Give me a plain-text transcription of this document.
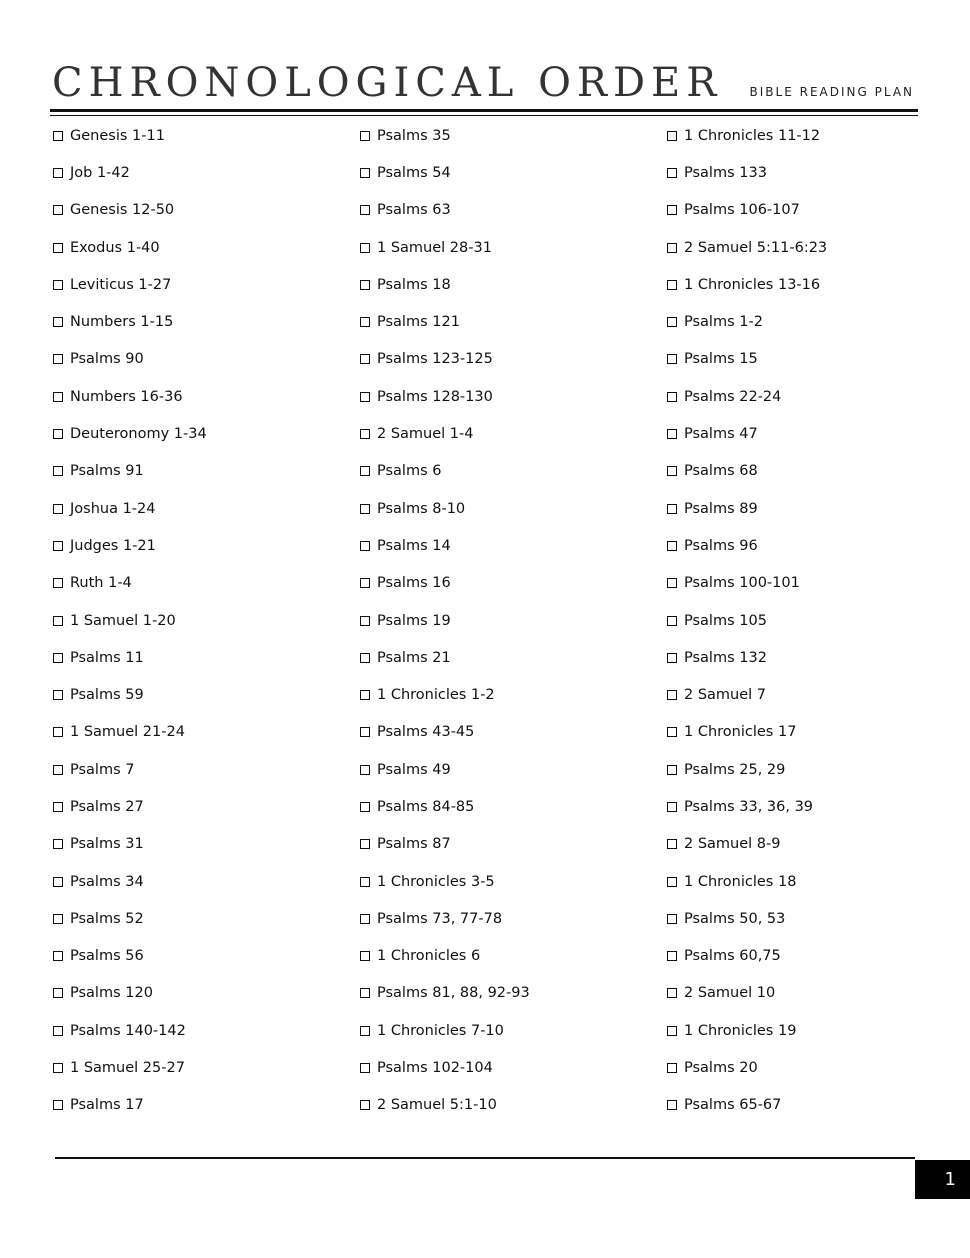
CHRONOLOGICAL ORDER BIBLE READING PLAN
Genesis 1-11
Job 1-42
Genesis 12-50
Exodus 1-40
Leviticus 1-27
Numbers 1-15
Psalms 90
Numbers 16-36
Deuteronomy 1-34
Psalms 91
Joshua 1-24
Judges 1-21
Ruth 1-4
1 Samuel 1-20
Psalms 11
Psalms 59
1 Samuel 21-24
Psalms 7
Psalms 27
Psalms 31
Psalms 34
Psalms 52
Psalms 56
Psalms 120
Psalms 140-142
1 Samuel 25-27
Psalms 17
Psalms 35
Psalms 54
Psalms 63
1 Samuel 28-31
Psalms 18
Psalms 121
Psalms 123-125
Psalms 128-130
2 Samuel 1-4
Psalms 6
Psalms 8-10
Psalms 14
Psalms 16
Psalms 19
Psalms 21
1 Chronicles 1-2
Psalms 43-45
Psalms 49
Psalms 84-85
Psalms 87
1 Chronicles 3-5
Psalms 73, 77-78
1 Chronicles 6
Psalms 81, 88, 92-93
1 Chronicles 7-10
Psalms 102-104
2 Samuel 5:1-10
1 Chronicles 11-12
Psalms 133
Psalms 106-107
2 Samuel 5:11-6:23
1 Chronicles 13-16
Psalms 1-2
Psalms 15
Psalms 22-24
Psalms 47
Psalms 68
Psalms 89
Psalms 96
Psalms 100-101
Psalms 105
Psalms 132
2 Samuel 7
1 Chronicles 17
Psalms 25, 29
Psalms 33, 36, 39
2 Samuel 8-9
1 Chronicles 18
Psalms 50, 53
Psalms 60,75
2 Samuel 10
1 Chronicles 19
Psalms 20
Psalms 65-67
1
